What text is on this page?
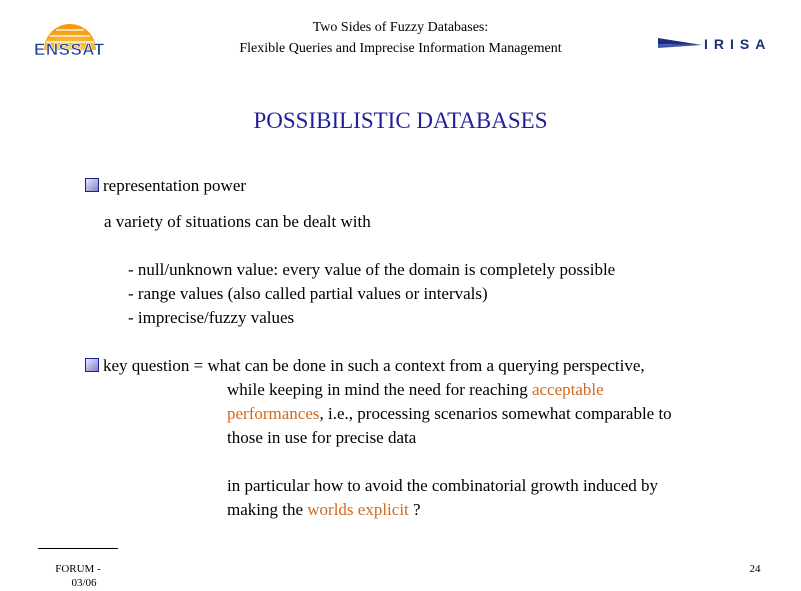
ENSSAT
Two Sides of Fuzzy Databases:
Flexible Queries and Imprecise Information Management	IRISA
POSSIBILISTIC DATABASES
representation power
a variety of situations can be dealt with
- null/unknown value: every value of the domain is completely possible
- range values (also called partial values or intervals)
- imprecise/fuzzy values
key question = what can be done in such a context from a querying perspective,
while keeping in mind the need for reaching acceptable
performances, i.e., processing scenarios somewhat comparable to
those in use for precise data
in particular how to avoid the combinatorial growth induced by
making the worlds explicit ?
FORUM -
03/06
24
